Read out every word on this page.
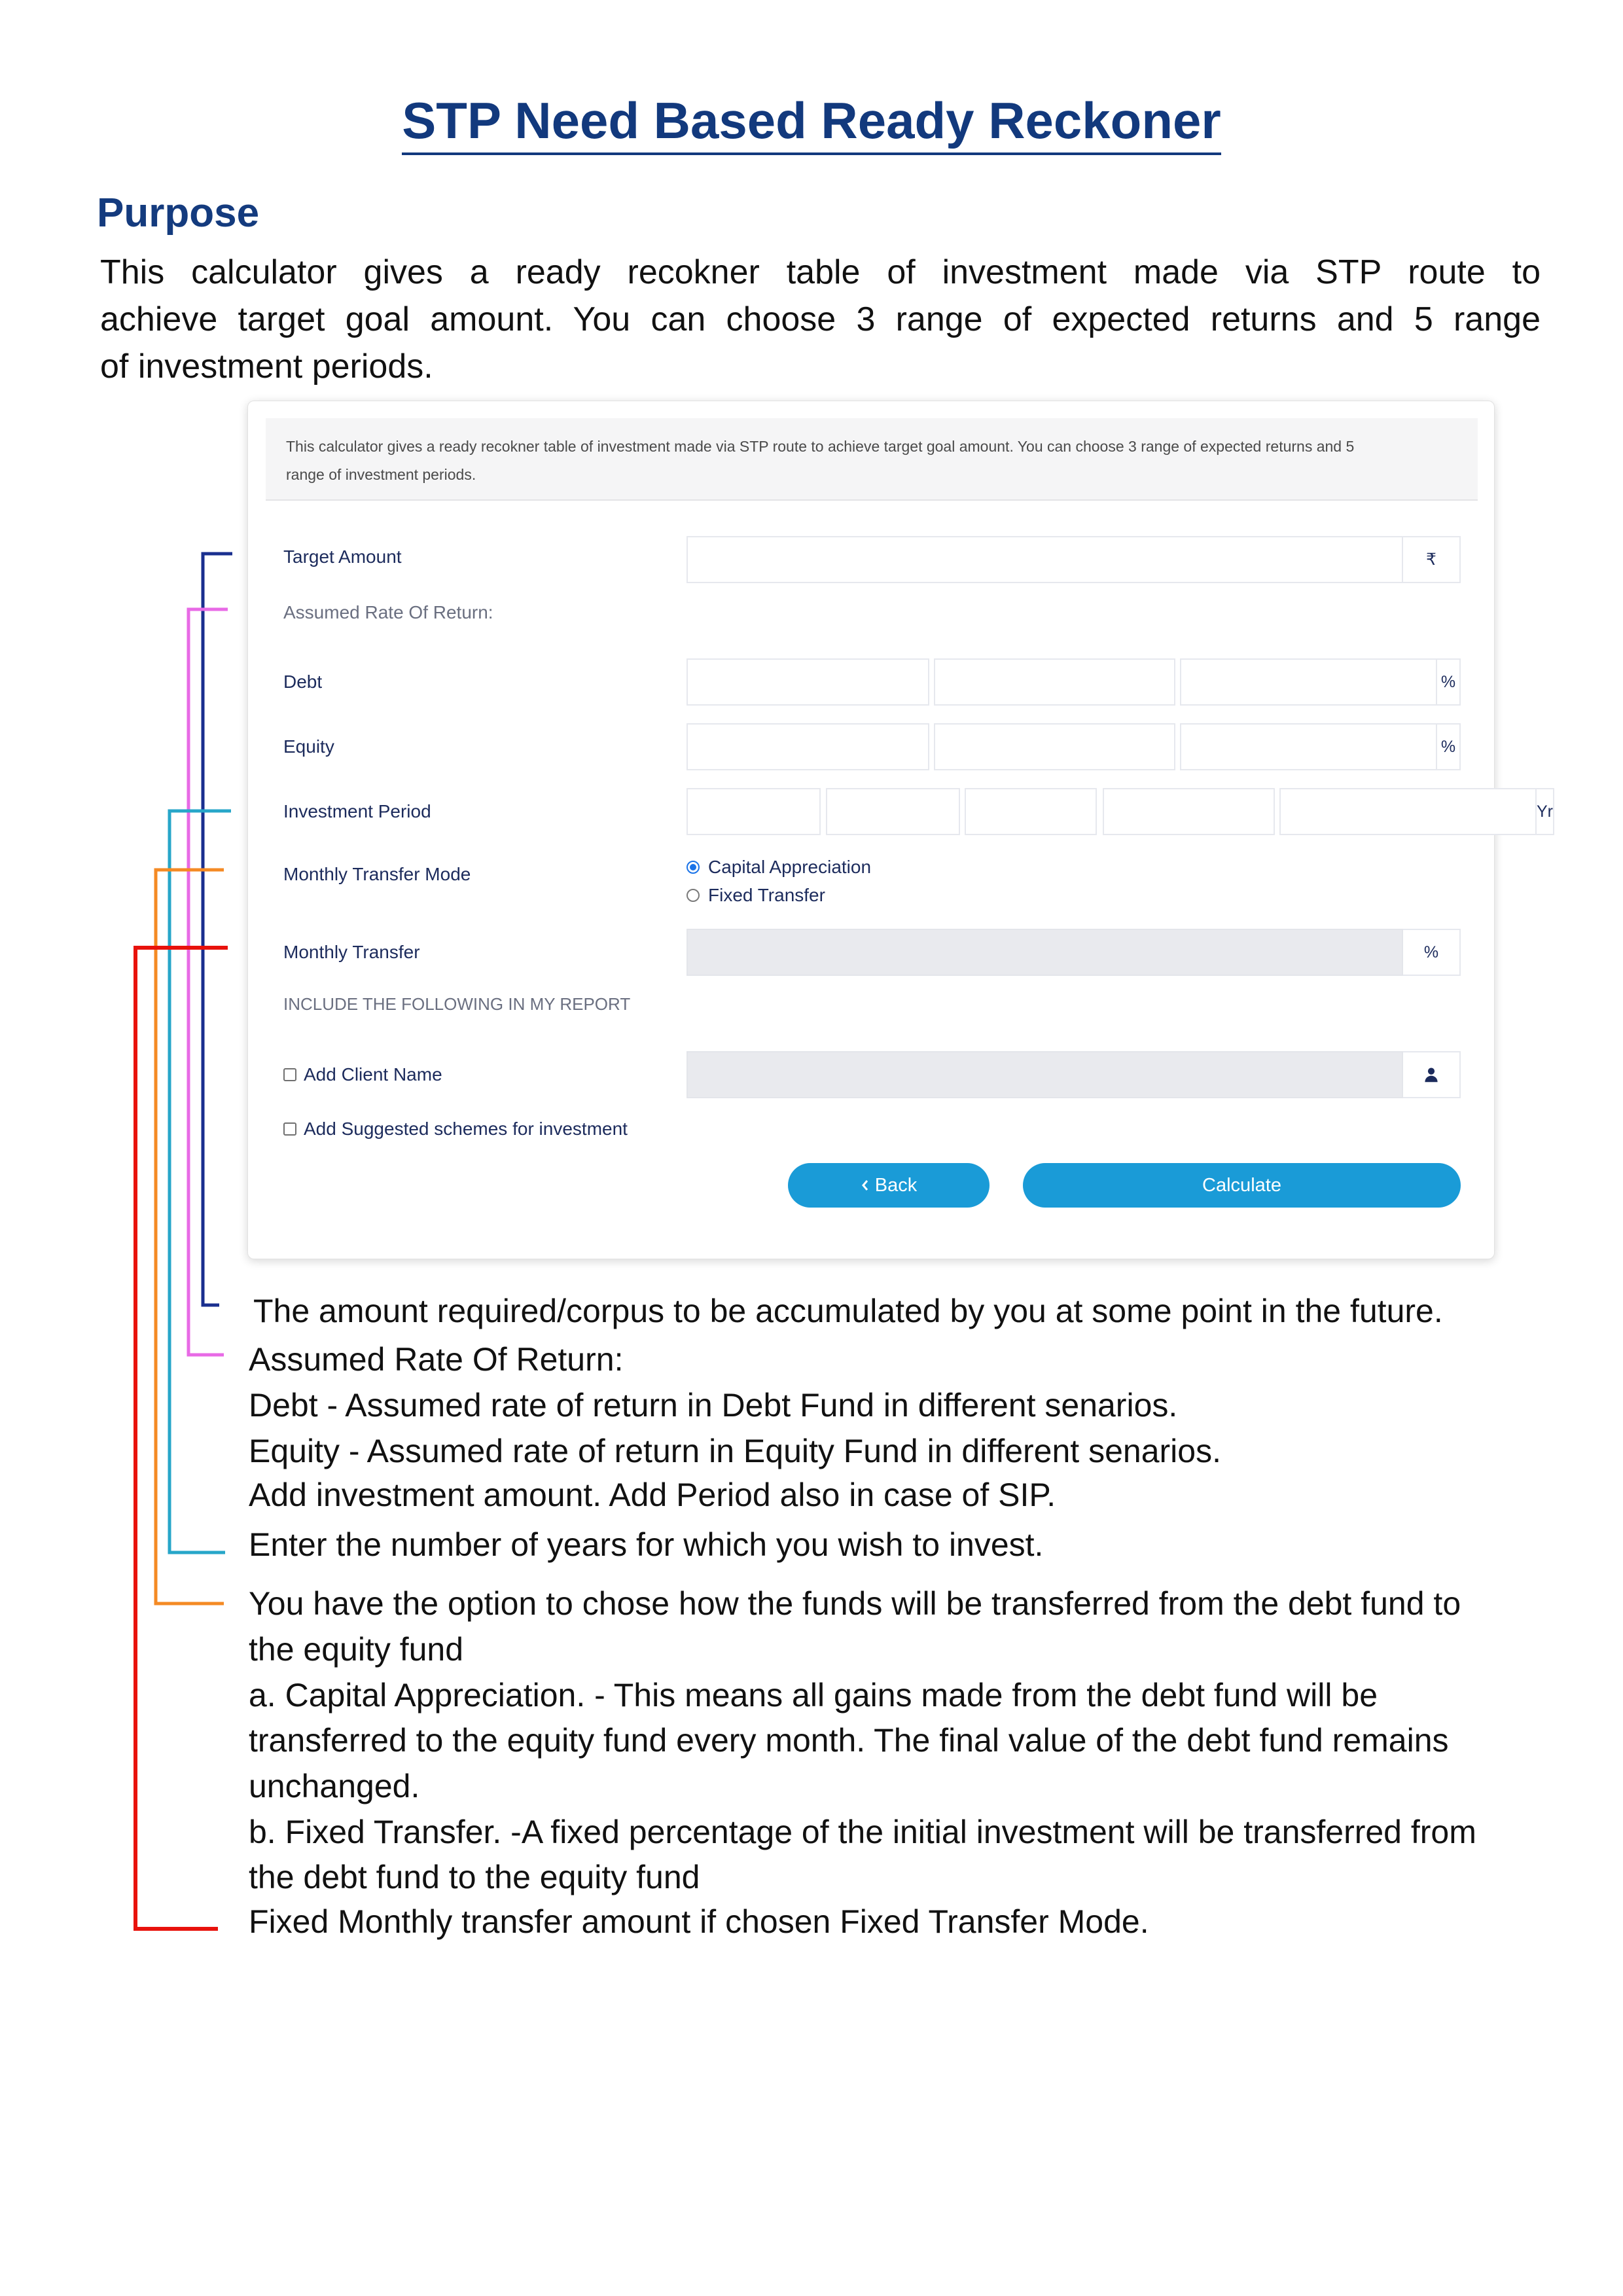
STP Need Based Ready Reckoner
Purpose
This calculator gives a ready recokner table of investment made via STP route to
achieve target goal amount. You can choose 3 range of expected returns and 5 range
of investment periods.
This calculator gives a ready recokner table of investment made via STP route to achieve target goal amount. You can choose 3 range of expected returns and 5
range of investment periods.
Target Amount	₹
Assumed Rate Of Return:
Debt	%
Equity	%
Investment Period	Yr
Monthly Transfer Mode	Capital Appreciation
Fixed Transfer
Monthly Transfer	%
INCLUDE THE FOLLOWING IN MY REPORT
Add Client Name
Add Suggested schemes for investment
Back	Calculate
The amount required/corpus to be accumulated by you at some point in the future.
Assumed Rate Of Return:
Debt - Assumed rate of return in Debt Fund in different senarios.
Equity - Assumed rate of return in Equity Fund in different senarios.
Add investment amount. Add Period also in case of SIP.
Enter the number of years for which you wish to invest.
You have the option to chose how the funds will be transferred from the debt fund to
the equity fund
a. Capital Appreciation. - This means all gains made from the debt fund will be
transferred to the equity fund every month. The final value of the debt fund remains
unchanged.
b. Fixed Transfer. -A fixed percentage of the initial investment will be transferred from
the debt fund to the equity fund
Fixed Monthly transfer amount if chosen Fixed Transfer Mode.
